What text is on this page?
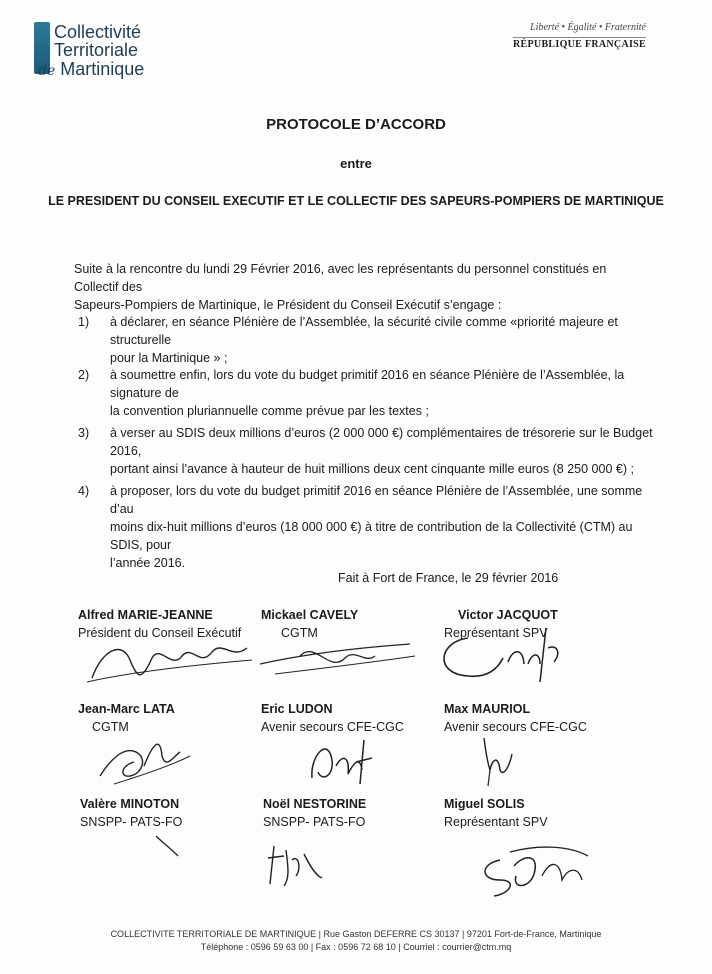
Collectivité
Territoriale
de Martinique
Liberté • Égalité • Fraternité
RÉPUBLIQUE FRANÇAISE
PROTOCOLE D’ACCORD
entre
LE PRESIDENT DU CONSEIL EXECUTIF ET LE COLLECTIF DES SAPEURS-POMPIERS DE MARTINIQUE
Suite à la rencontre du lundi 29 Février 2016, avec les représentants du personnel constitués en Collectif des
Sapeurs-Pompiers de Martinique, le Président du Conseil Exécutif s’engage :
1)	à déclarer, en séance Plénière de l’Assemblée, la sécurité civile comme «priorité majeure et structurelle
pour la Martinique » ;
2)	à soumettre enfin, lors du vote du budget primitif 2016 en séance Plénière de l’Assemblée, la signature de
la convention pluriannuelle comme prévue par les textes ;
3)	à verser au SDIS deux millions d’euros (2 000 000 €) complémentaires de trésorerie sur le Budget 2016,
portant ainsi l’avance à hauteur de huit millions deux cent cinquante mille euros (8 250 000 €) ;
4)	à proposer, lors du vote du budget primitif 2016 en séance Plénière de l’Assemblée, une somme d’au
moins dix-huit millions d’euros (18 000 000 €) à titre de contribution de la Collectivité (CTM) au SDIS, pour
l’année 2016.
Fait à Fort de France, le 29 février 2016
Alfred MARIE-JEANNE
Président du Conseil Exécutif
Mickael CAVELY
CGTM
Victor JACQUOT
Représentant SPV
Jean-Marc LATA
CGTM
Eric LUDON
Avenir secours CFE-CGC
Max MAURIOL
Avenir secours CFE-CGC
Valère MINOTON
SNSPP- PATS-FO
Noël NESTORINE
SNSPP- PATS-FO
Miguel SOLIS
Représentant SPV
COLLECTIVITE TERRITORIALE DE MARTINIQUE | Rue Gaston DEFERRE CS 30137 | 97201 Fort-de-France, Martinique
Téléphone : 0596 59 63 00 | Fax : 0596 72 68 10 | Courriel : courrier@ctm.mq
